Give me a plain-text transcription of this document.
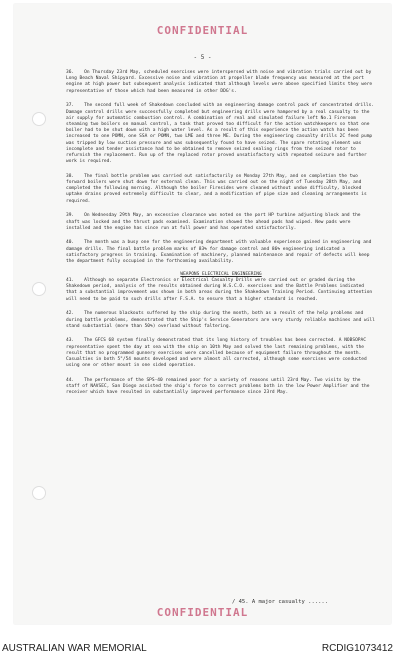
CONFIDENTIAL
- 5 -
36. On Thursday 23rd May, scheduled exercises were interspersed with noise and vibration trials carried out by Long Beach Naval Shipyard. Excessive noise and vibration at propeller blade frequency was measured at the port engine at high power but subsequent analysis indicated that although levels were above specified limits they were representative of those which had been measured in other DDG's.
37. The second full week of Shakedown concluded with an engineering damage control pack of concentrated drills. Damage control drills were successfully completed but engineering drills were hampered by a real casualty to the air supply for automatic combustion control. A combination of real and simulated failure left No.1 Fireroom steaming two boilers on manual control, a task that proved too difficult for the action watchkeepers so that one boiler had to be shut down with a high water level. As a result of this experience the action watch has been increased to one POMN, one SSA or POMN, two LME and three ME. During the engineering casualty drills 2C feed pump was tripped by low suction pressure and was subsequently found to have seized. The spare rotating element was incomplete and tender assistance had to be obtained to remove seized sealing rings from the seized rotor to refurnish the replacement. Run up of the replaced rotor proved unsatisfactory with repeated seizure and further work is required.
38. The final bottle problem was carried out satisfactorily on Monday 27th May, and on completion the two forward boilers were shut down for external clean. This was carried out on the night of Tuesday 28th May, and completed the following morning. Although the boiler Firesides were cleaned without undue difficulty, blocked uptake drains proved extremely difficult to clear, and a modification of pipe size and cleaning arrangements is required.
39. On Wednesday 29th May, an excessive clearance was noted on the port HP turbine adjusting block and the shaft was locked and the thrust pads examined. Examination showed the ahead pads had wiped. New pads were installed and the engine has since run at full power and has operated satisfactorily.
40. The month was a busy one for the engineering department with valuable experience gained in engineering and damage drills. The final battle problem marks of 83% for damage control and 86% engineering indicated a satisfactory progress in training. Examination of machinery, planned maintenance and repair of defects will keep the department fully occupied in the forthcoming availability.
WEAPONS ELECTRICAL ENGINEERING
41. Although no separate Electronics or Electrical Casualty Drills were carried out or graded during the Shakedown period, analysis of the results obtained during W.S.C.O. exercises and the Battle Problems indicated that a substantial improvement was shown in both areas during the Shakedown Training Period. Continuing attention will need to be paid to such drills after F.S.A. to ensure that a higher standard is reached.
42. The numerous blackouts suffered by the ship during the month, both as a result of the help problems and during battle problems, demonstrated that the Ship's Service Generators are very sturdy reliable machines and will stand substantial (more than 50%) overload without faltering.
43. The GFCS 68 system finally demonstrated that its long history of troubles has been corrected. A NOBSOPAC representative spent the day at sea with the ship on 10th May and solved the last remaining problems, with the result that no programmed gunnery exercises were cancelled because of equipment failure throughout the month. Casualties in both 5"/54 mounts developed and were almost all corrected, although some exercises were conducted using one or other mount in one sided operation.
44. The performance of the SPS-40 remained poor for a variety of reasons until 23rd May. Two visits by the staff of NAVSEC, San Diego assisted the ship's force to correct problems both in the low Power Amplifier and the receiver which have resulted in substantially improved performance since 23rd May.
CONFIDENTIAL
/ 45. A major casualty ......
AUSTRALIAN WAR MEMORIAL	RCDIG1073412
